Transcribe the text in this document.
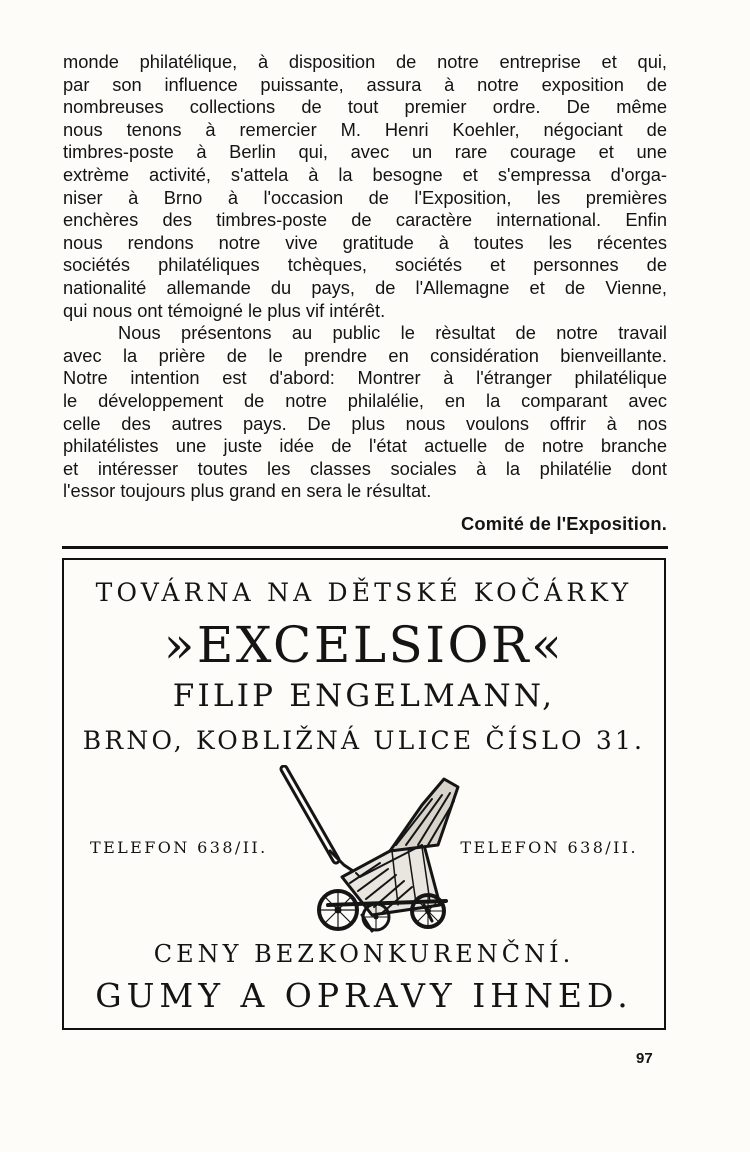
monde philatélique, à disposition de notre entreprise et qui,
par son influence puissante, assura à notre exposition de
nombreuses collections de tout premier ordre. De même
nous tenons à remercier M. Henri Koehler, négociant de
timbres-poste à Berlin qui, avec un rare courage et une
extrème activité, s'attela à la besogne et s'empressa d'orga-
niser à Brno à l'occasion de l'Exposition, les premières
enchères des timbres-poste de caractère international. Enfin
nous rendons notre vive gratitude à toutes les récentes
sociétés philatéliques tchèques, sociétés et personnes de
nationalité allemande du pays, de l'Allemagne et de Vienne,
qui nous ont témoigné le plus vif intérêt.
Nous présentons au public le rèsultat de notre travail
avec la prière de le prendre en considération bienveillante.
Notre intention est d'abord: Montrer à l'étranger philatélique
le développement de notre philalélie, en la comparant avec
celle des autres pays. De plus nous voulons offrir à nos
philatélistes une juste idée de l'état actuelle de notre branche
et intéresser toutes les classes sociales à la philatélie dont
l'essor toujours plus grand en sera le résultat.
Comité de l'Exposition.
TOVÁRNA NA DĚTSKÉ KOČÁRKY
»EXCELSIOR«
FILIP ENGELMANN,
BRNO, KOBLIŽNÁ ULICE ČÍSLO 31.
TELEFON 638/II.	TELEFON 638/II.
CENY BEZKONKURENČNÍ.
GUMY A OPRAVY IHNED.
97
